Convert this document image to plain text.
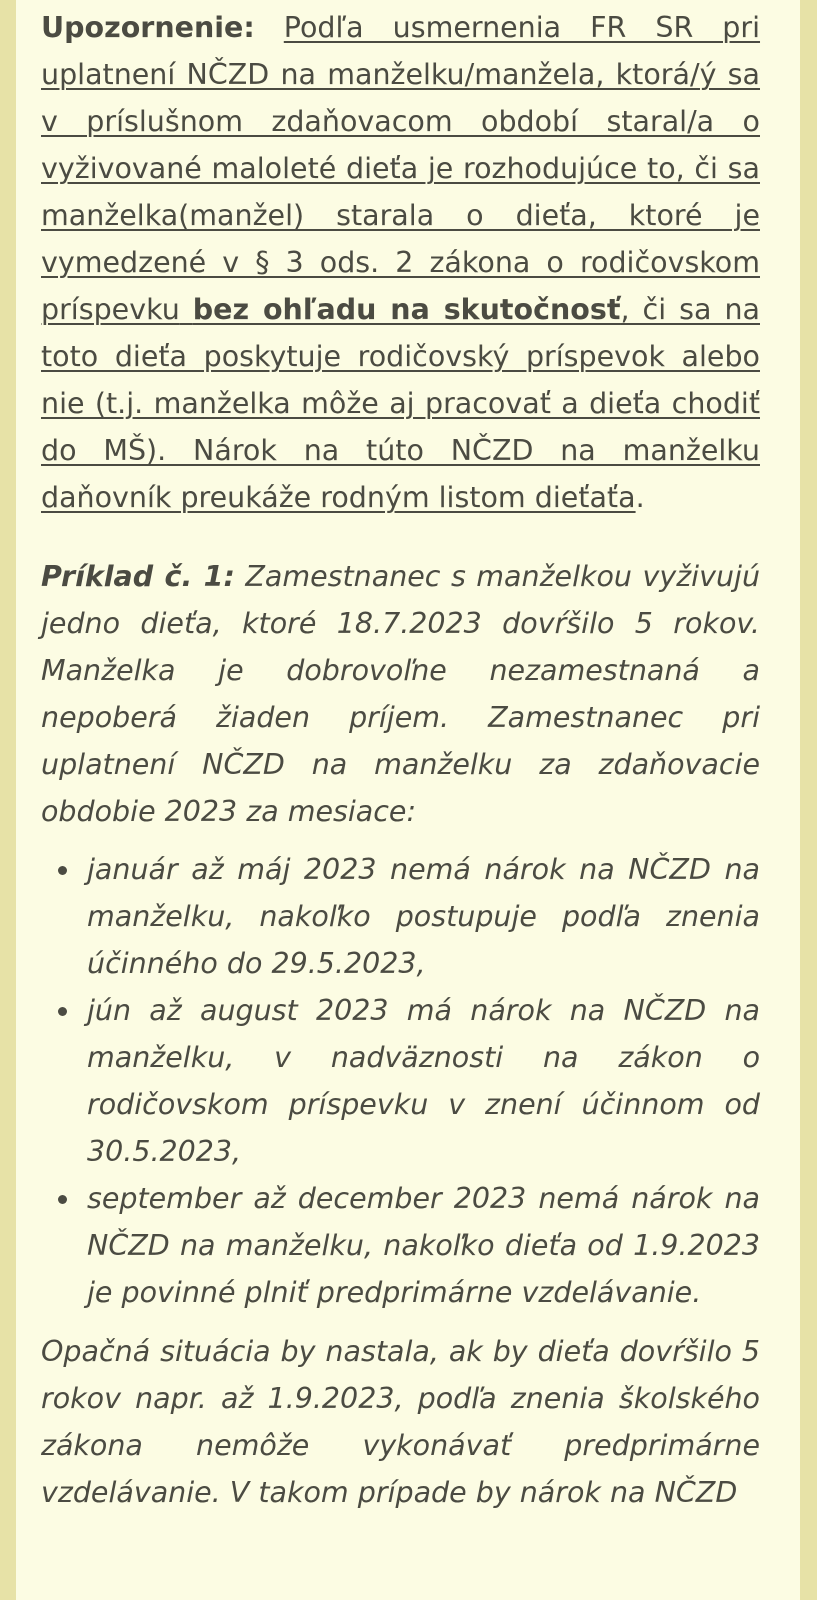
Upozornenie: Podľa usmernenia FR SR pri uplatnení NČZD na manželku/manžela, ktorá/ý sa v príslušnom zdaňovacom období staral/a o vyživované maloleté dieťa je rozhodujúce to, či sa manželka(manžel) starala o dieťa, ktoré je vymedzené v § 3 ods. 2 zákona o rodičovskom príspevku bez ohľadu na skutočnosť, či sa na toto dieťa poskytuje rodičovský príspevok alebo nie (t.j. manželka môže aj pracovať a dieťa chodiť do MŠ). Nárok na túto NČZD na manželku daňovník preukáže rodným listom dieťaťa.

Príklad č. 1: Zamestnanec s manželkou vyživujú jedno dieťa, ktoré 18.7.2023 dovŕšilo 5 rokov. Manželka je dobrovoľne nezamestnaná a nepoberá žiaden príjem. Zamestnanec pri uplatnení NČZD na manželku za zdaňovacie obdobie 2023 za mesiace:

január až máj 2023 nemá nárok na NČZD na manželku, nakoľko postupuje podľa znenia účinného do 29.5.2023,
jún až august 2023 má nárok na NČZD na manželku, v nadväznosti na zákon o rodičovskom príspevku v znení účinnom od 30.5.2023,
september až december 2023 nemá nárok na NČZD na manželku, nakoľko dieťa od 1.9.2023 je povinné plniť predprimárne vzdelávanie.

Opačná situácia by nastala, ak by dieťa dovŕšilo 5 rokov napr. až 1.9.2023, podľa znenia školského zákona nemôže vykonávať predprimárne vzdelávanie. V takom prípade by nárok na NČZD
